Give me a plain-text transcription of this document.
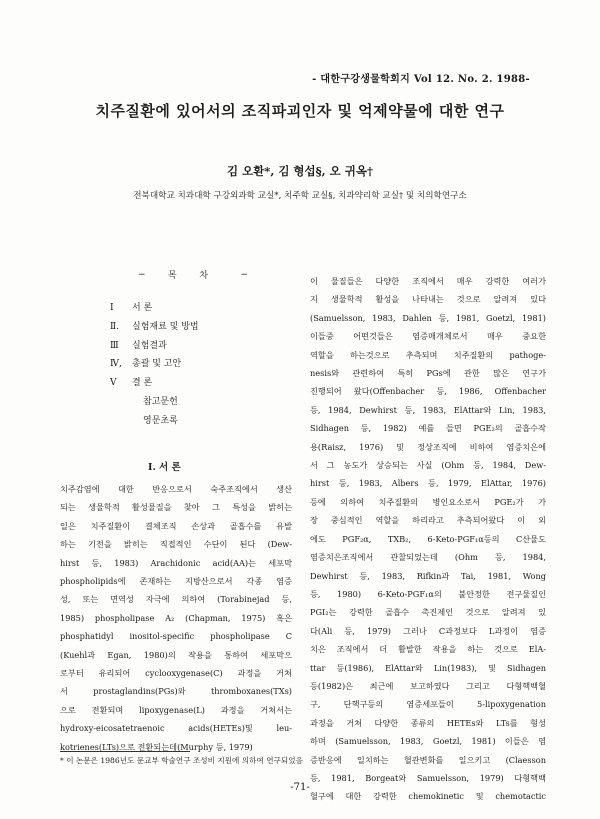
- 대한구강생물학회지 Vol 12. No. 2. 1988-
치주질환에 있어서의 조직파괴인자 및 억제약물에 대한 연구
김 오환*, 김 형섭§, 오 귀옥†
전북대학교 치과대학 구강외과학 교실*, 치주학 교실§, 치과약리학 교실† 및 치의학연구소
− 목 차 −
Ⅰ 서 론
Ⅱ. 실험재료 및 방법
Ⅲ 실험결과
Ⅳ, 총괄 및 고안
Ⅴ 결 론
참고문헌
영문초록
Ⅰ. 서 론
치주감염에 대한 반응으로서 숙주조직에서 생산
되는 생물학적 활성물질을 찾아 그 특성을 밝히는
일은 치주질환이 결체조직 손상과 골흡수를 유발
하는 기전을 밝히는 직접적인 수단이 된다 (Dew-
hirst 등, 1983) Arachidonic acid(AA)는 세포막
phospholipids에 존재하는 지방산으로서 각종 염증
성, 또는 면역성 자극에 의하여 (Torabinejad 등,
1985) phospholipase A₂ (Chapman, 1975) 혹은
phosphatidyl inositol-specific phospholipase C
(Kuehl과 Egan, 1980)의 작용을 통하여 세포막으
로부터 유리되어 cyclooxygenase(C) 과정을 거쳐
서 prostaglandins(PGs)와 thromboxanes(TXs)
으로 전환되며 lipoxygenase(L) 과정을 거쳐서는
hydroxy-eicosatetraenoic acids(HETEs)및 leu-
kotrienes(LTs)으로 전환되는데(Murphy 등, 1979)
이 물질들은 다양한 조직에서 매우 강력한 여러가
지 생물학적 활성을 나타내는 것으로 알려져 있다
(Samuelsson, 1983, Dahlen 등, 1981, Goetzl, 1981)
이들중 어떤것들은 염증매개체로서 매우 중요한
역할을 하는것으로 추측되며 치주질환의 pathoge-
nesis와 관련하여 특히 PGs에 관한 많은 연구가
진행되어 왔다(Offenbacher 등, 1986, Offenbacher
등, 1984, Dewhirst 등, 1983, ElAttar와 Lin, 1983,
Sidhagen 등, 1982) 예를 들면 PGE₂의 골흡수작
용(Raisz, 1976) 및 정상조직에 비하여 염증치은에
서 그 농도가 상승되는 사실 (Ohm 등, 1984, Dew-
hirst 등, 1983, Albers 등, 1979, ElAttar, 1976)
등에 의하여 치주질환의 병인요소로서 PGE₂가 가
장 중심적인 역할을 하리라고 추측되어왔다 이 외
에도 PGF₂α, TXB₂, 6-Keto-PGF₁α등의 C산물도
염증치은조직에서 관찰되었는데 (Ohm 등, 1984,
Dewhirst 등, 1983, Rifkin과 Tai, 1981, Wong
등, 1980) 6-Keto-PGF₁α의 불안정한 전구물질인
PGI₂는 강력한 골흡수 촉진제인 것으로 알려져 있
다(Ali 등, 1979) 그러나 C과정보다 L과정이 염증
치은 조직에서 더 활발한 작용을 하는 것으로 ElA-
ttar 등(1986), ElAttar와 Lin(1983), 및 Sidhagen
등(1982)은 최근에 보고하였다 그리고 다형핵백혈
구, 단핵구등의 염증세포들이 5-lipoxygenation
과정을 거쳐 다양한 종류의 HETEs와 LTs를 형성
하며 (Samuelsson, 1983, Goetzl, 1981) 이들은 염
증반응에 일치하는 혈관변화를 일으키고 (Claesson
등, 1981, Borgeat와 Samuelsson, 1979) 다형핵백
혈구에 대한 강력한 chemokinetic 및 chemotactic
* 이 논문은 1986년도 문교부 학술연구 조성비 지원에 의하여 연구되었음
-71-
